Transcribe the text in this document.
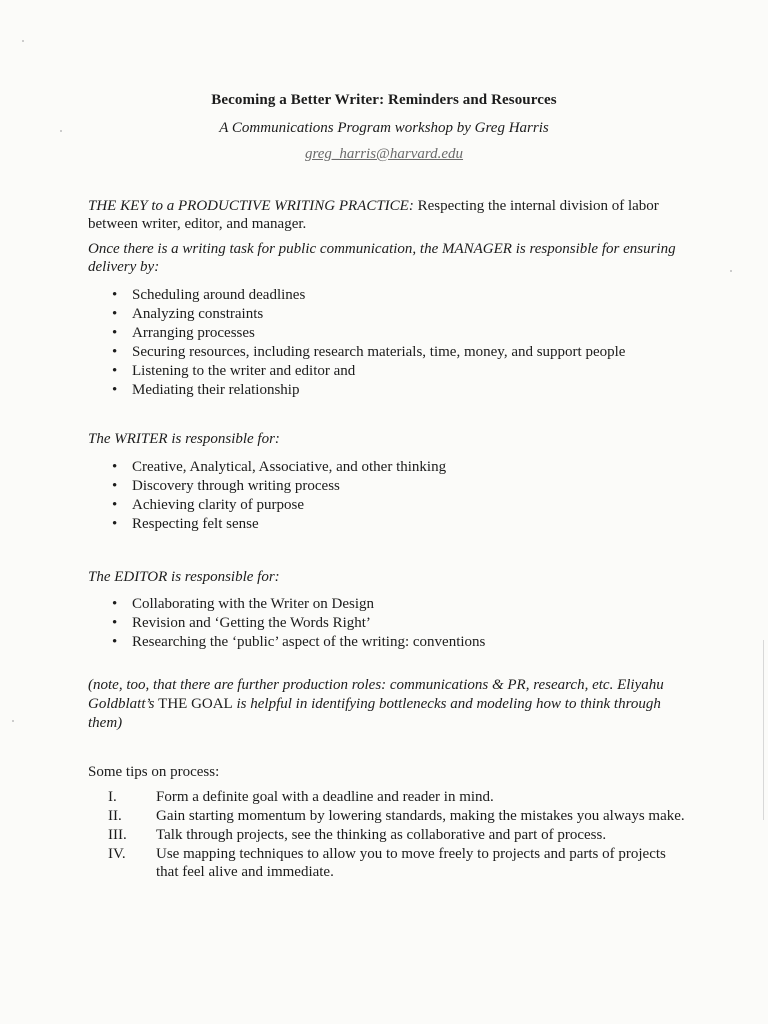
Becoming a Better Writer: Reminders and Resources
A Communications Program workshop by Greg Harris
greg_harris@harvard.edu
THE KEY to a PRODUCTIVE WRITING PRACTICE: Respecting the internal division of labor between writer, editor, and manager.
Once there is a writing task for public communication, the MANAGER is responsible for ensuring delivery by:
• Scheduling around deadlines
• Analyzing constraints
• Arranging processes
• Securing resources, including research materials, time, money, and support people
• Listening to the writer and editor and
• Mediating their relationship
The WRITER is responsible for:
• Creative, Analytical, Associative, and other thinking
• Discovery through writing process
• Achieving clarity of purpose
• Respecting felt sense
The EDITOR is responsible for:
• Collaborating with the Writer on Design
• Revision and ‘Getting the Words Right’
• Researching the ‘public’ aspect of the writing: conventions
(note, too, that there are further production roles: communications & PR, research, etc. Eliyahu Goldblatt’s THE GOAL is helpful in identifying bottlenecks and modeling how to think through them)
Some tips on process:
I.	Form a definite goal with a deadline and reader in mind.
II. Gain starting momentum by lowering standards, making the mistakes you always make.
III. Talk through projects, see the thinking as collaborative and part of process.
IV. Use mapping techniques to allow you to move freely to projects and parts of projects that feel alive and immediate.
